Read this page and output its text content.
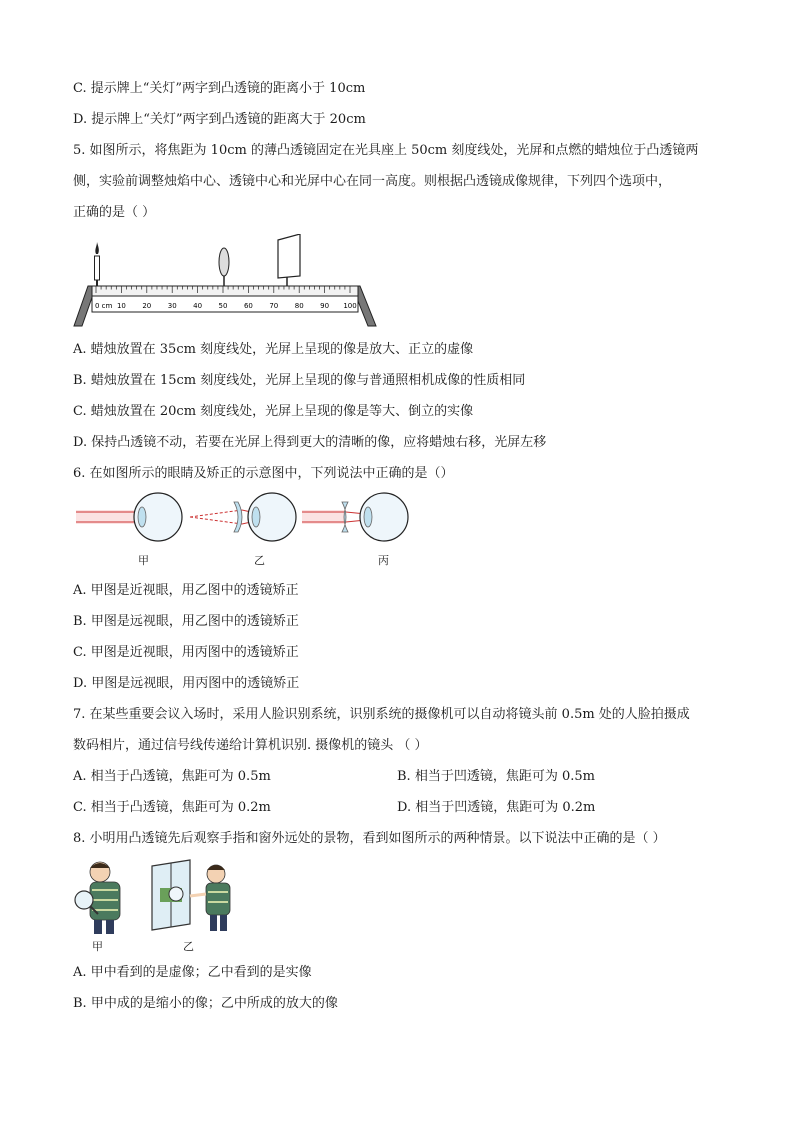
C. 提示牌上“关灯”两字到凸透镜的距离小于 10cm
D. 提示牌上“关灯”两字到凸透镜的距离大于 20cm
5. 如图所示，将焦距为 10cm 的薄凸透镜固定在光具座上 50cm 刻度线处，光屏和点燃的蜡烛位于凸透镜两
侧，实验前调整烛焰中心、透镜中心和光屏中心在同一高度。则根据凸透镜成像规律，下列四个选项中，
正确的是（ ）
0 cm 10 20 30 40 50 60 70 80 90 100
A. 蜡烛放置在 35cm 刻度线处，光屏上呈现的像是放大、正立的虚像
B. 蜡烛放置在 15cm 刻度线处，光屏上呈现的像与普通照相机成像的性质相同
C. 蜡烛放置在 20cm 刻度线处，光屏上呈现的像是等大、倒立的实像
D. 保持凸透镜不动，若要在光屏上得到更大的清晰的像，应将蜡烛右移，光屏左移
6. 在如图所示的眼睛及矫正的示意图中，下列说法中正确的是（）
甲	乙	丙
A. 甲图是近视眼，用乙图中的透镜矫正
B. 甲图是远视眼，用乙图中的透镜矫正
C. 甲图是近视眼，用丙图中的透镜矫正
D. 甲图是远视眼，用丙图中的透镜矫正
7. 在某些重要会议入场时，采用人脸识别系统，识别系统的摄像机可以自动将镜头前 0.5m 处的人脸拍摄成
数码相片，通过信号线传递给计算机识别. 摄像机的镜头 （ ）
A. 相当于凸透镜，焦距可为 0.5m	B. 相当于凹透镜，焦距可为 0.5m
C. 相当于凸透镜，焦距可为 0.2m	D. 相当于凹透镜，焦距可为 0.2m
8. 小明用凸透镜先后观察手指和窗外远处的景物，看到如图所示的两种情景。以下说法中正确的是（ ）
甲	乙
A. 甲中看到的是虚像；乙中看到的是实像
B. 甲中成的是缩小的像；乙中所成的放大的像
